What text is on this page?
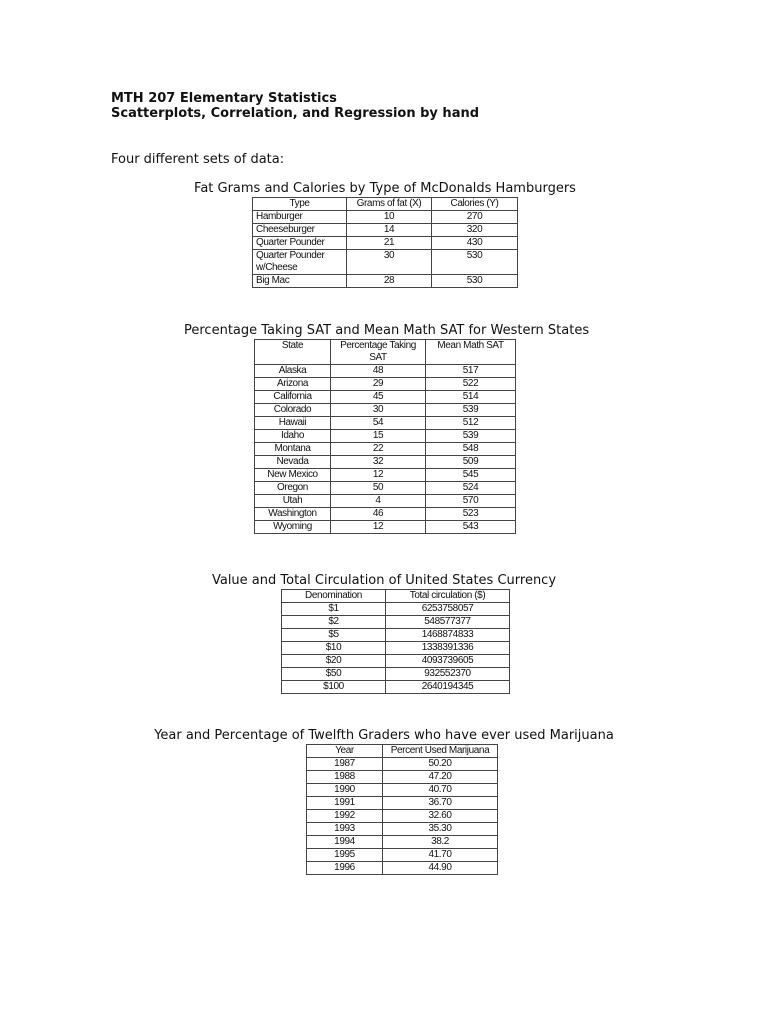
MTH 207 Elementary Statistics
Scatterplots, Correlation, and Regression by hand
Four different sets of data:
Fat Grams and Calories by Type of McDonalds Hamburgers
Type	Grams of fat (X)	Calories (Y)
Hamburger	10	270
Cheeseburger	14	320
Quarter Pounder	21	430
Quarter Pounder w/Cheese	30	530
Big Mac	28	530
Percentage Taking SAT and Mean Math SAT for Western States
State	Percentage Taking SAT	Mean Math SAT
Alaska	48	517
Arizona	29	522
California	45	514
Colorado	30	539
Hawaii	54	512
Idaho	15	539
Montana	22	548
Nevada	32	509
New Mexico	12	545
Oregon	50	524
Utah	4	570
Washington	46	523
Wyoming	12	543
Value and Total Circulation of United States Currency
Denomination	Total circulation ($)
$1	6253758057
$2	548577377
$5	1468874833
$10	1338391336
$20	4093739605
$50	932552370
$100	2640194345
Year and Percentage of Twelfth Graders who have ever used Marijuana
Year	Percent Used Marijuana
1987	50.20
1988	47.20
1990	40.70
1991	36.70
1992	32.60
1993	35.30
1994	38.2
1995	41.70
1996	44.90
